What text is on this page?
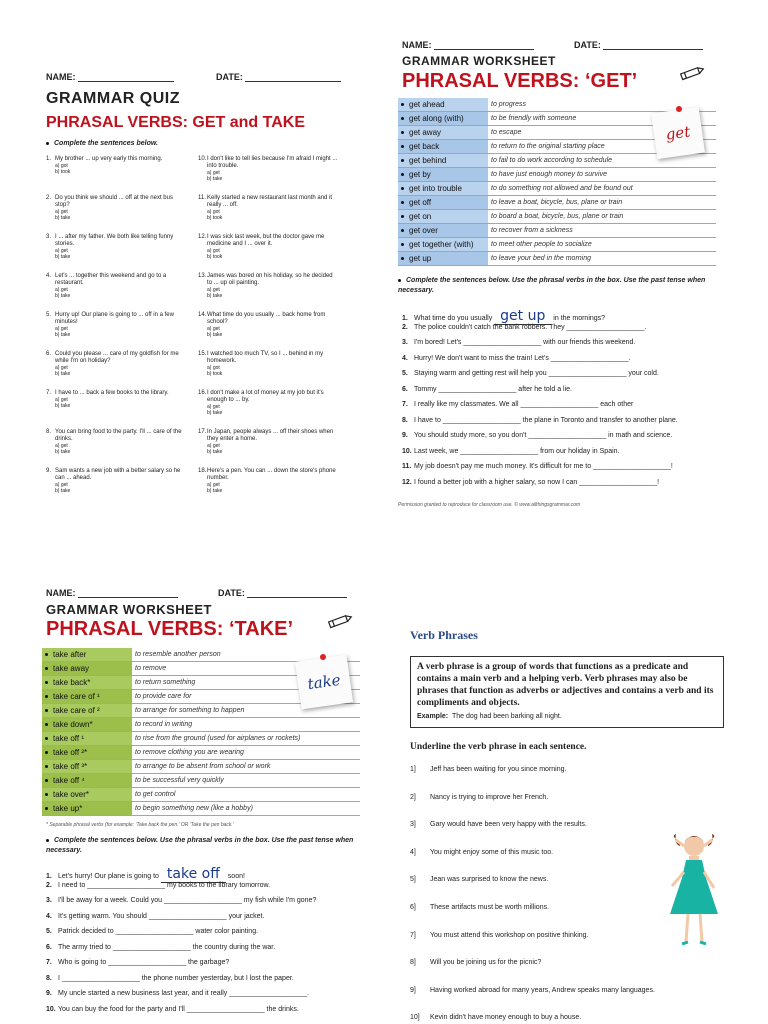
NAME:	DATE:
GRAMMAR QUIZ
PHRASAL VERBS: GET and TAKE
Complete the sentences below.
1. My brother ... up very early this morning.
a) got
b) took
2. Do you think we should ... off at the next bus stop?
a) get
b) take
3. I ... after my father. We both like telling funny stories.
a) get
b) take
4. Let's ... together this weekend and go to a restaurant.
a) get
b) take
5. Hurry up! Our plane is going to ... off in a few minutes!
a) get
b) take
6. Could you please ... care of my goldfish for me while I'm on holiday?
a) get
b) take
7. I have to ... back a few books to the library.
a) get
b) take
8. You can bring food to the party. I'll ... care of the drinks.
a) get
b) take
9. Sam wants a new job with a better salary so he can ... ahead.
a) get
b) take
10. I don't like to tell lies because I'm afraid I might ... into trouble.
a) get
b) take
11. Kelly started a new restaurant last month and it really ... off.
a) got
b) took
12. I was sick last week, but the doctor gave me medicine and I ... over it.
a) got
b) took
13. James was bored on his holiday, so he decided to ... up oil painting.
a) get
b) take
14. What time do you usually ... back home from school?
a) get
b) take
15. I watched too much TV, so I ... behind in my homework.
a) got
b) took
16. I don't make a lot of money at my job but it's enough to ... by.
a) get
b) take
17. In Japan, people always ... off their shoes when they enter a home.
a) get
b) take
18. Here's a pen. You can ... down the store's phone number.
a) get
b) take
NAME:	DATE:
GRAMMAR WORKSHEET
PHRASAL VERBS: ‘GET’
get ahead	to progress
get along (with)	to be friendly with someone
get away	to escape
get back	to return to the original starting place
get behind	to fail to do work according to schedule
get by	to have just enough money to survive
get into trouble	to do something not allowed and be found out
get off	to leave a boat, bicycle, bus, plane or train
get on	to board a boat, bicycle, bus, plane or train
get over	to recover from a sickness
get together (with)	to meet other people to socialize
get up	to leave your bed in the morning
get
Complete the sentences below. Use the phrasal verbs in the box. Use the past tense when necessary.
1. What time do you usually get up in the mornings?
2. The police couldn't catch the bank robbers. They ____________________.
3. I'm bored! Let's ____________________ with our friends this weekend.
4. Hurry! We don't want to miss the train! Let's ____________________.
5. Staying warm and getting rest will help you ____________________ your cold.
6. Tommy ____________________ after he told a lie.
7. I really like my classmates. We all ____________________ each other
8. I have to ____________________ the plane in Toronto and transfer to another plane.
9. You should study more, so you don't ____________________ in math and science.
10. Last week, we ____________________ from our holiday in Spain.
11. My job doesn't pay me much money. It's difficult for me to ____________________!
12. I found a better job with a higher salary, so now I can ____________________!
Permission granted to reproduce for classroom use. © www.allthingsgrammar.com
NAME:	DATE:
GRAMMAR WORKSHEET
PHRASAL VERBS: ‘TAKE’
take after	to resemble another person
take away	to remove
take back*	to return something
take care of ¹	to provide care for
take care of ²	to arrange for something to happen
take down*	to record in writing
take off ¹	to rise from the ground (used for airplanes or rockets)
take off ²*	to remove clothing you are wearing
take off ³*	to arrange to be absent from school or work
take off ⁴	to be successful very quickly
take over*	to get control
take up*	to begin something new (like a hobby)
take
* Separable phrasal verbs (for example: 'Take back the pen.' OR 'Take the pen back.'
Complete the sentences below. Use the phrasal verbs in the box. Use the past tense when necessary.
1. Let's hurry! Our plane is going to take off soon!
2. I need to ____________________ my books to the library tomorrow.
3. I'll be away for a week. Could you ____________________ my fish while I'm gone?
4. It's getting warm. You should ____________________ your jacket.
5. Patrick decided to ____________________ water color painting.
6. The army tried to ____________________ the country during the war.
7. Who is going to ____________________ the garbage?
8. I ____________________ the phone number yesterday, but I lost the paper.
9. My uncle started a new business last year, and it really ____________________.
10. You can buy the food for the party and I'll ____________________ the drinks.
Verb Phrases
A verb phrase is a group of words that functions as a predicate and contains a main verb and a helping verb. Verb phrases may also be phrases that function as adverbs or adjectives and contains a verb and its compliments and objects.
Example: The dog had been barking all night.
Underline the verb phrase in each sentence.
1] Jeff has been waiting for you since morning.
2] Nancy is trying to improve her French.
3] Gary would have been very happy with the results.
4] You might enjoy some of this music too.
5] Jean was surprised to know the news.
6] These artifacts must be worth millions.
7] You must attend this workshop on positive thinking.
8] Will you be joining us for the picnic?
9] Having worked abroad for many years, Andrew speaks many languages.
10] Kevin didn't have money enough to buy a house.
